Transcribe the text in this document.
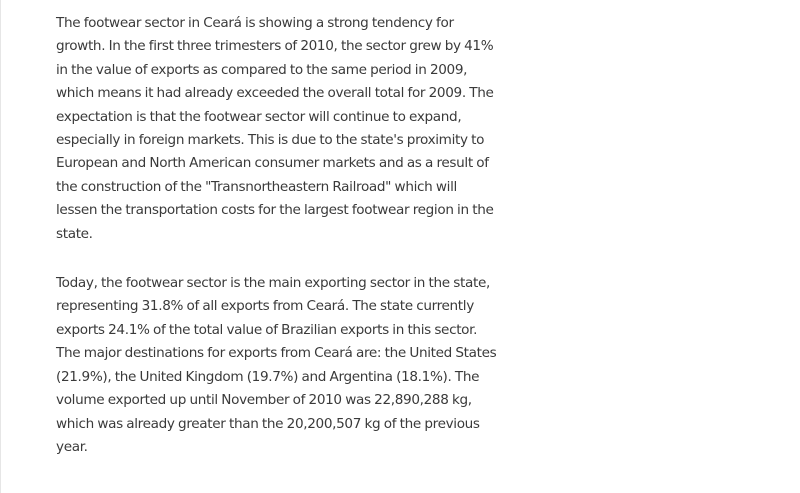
The footwear sector in Ceará is showing a strong tendency for growth. In the first three trimesters of 2010, the sector grew by 41% in the value of exports as compared to the same period in 2009, which means it had already exceeded the overall total for 2009. The expectation is that the footwear sector will continue to expand, especially in foreign markets. This is due to the state's proximity to European and North American consumer markets and as a result of the construction of the "Transnortheastern Railroad" which will lessen the transportation costs for the largest footwear region in the state.

Today, the footwear sector is the main exporting sector in the state, representing 31.8% of all exports from Ceará. The state currently exports 24.1% of the total value of Brazilian exports in this sector. The major destinations for exports from Ceará are: the United States (21.9%), the United Kingdom (19.7%) and Argentina (18.1%). The volume exported up until November of 2010 was 22,890,288 kg, which was already greater than the 20,200,507 kg of the previous year.
